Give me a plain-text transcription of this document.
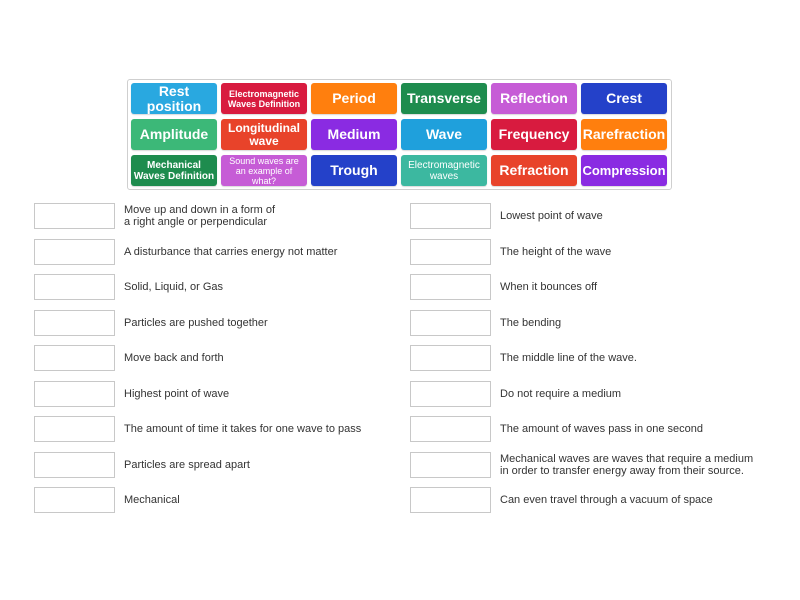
Rest position
Electromagnetic Waves Definition	Period	Transverse	Reflection	Crest
Amplitude	Longitudinal wave	Medium	Wave	Frequency Rarefraction
Mechanical Waves Definition
Sound waves are an example of what?
Trough	Electromagnetic waves	Refraction	Compression
Move up and down in a form of
a right angle or perpendicular
A disturbance that carries energy not matter
Solid, Liquid, or Gas
Particles are pushed together
Move back and forth
Highest point of wave
The amount of time it takes for one wave to pass
Particles are spread apart
Mechanical
Lowest point of wave
The height of the wave
When it bounces off
The bending
The middle line of the wave.
Do not require a medium
The amount of waves pass in one second
Mechanical waves are waves that require a medium
in order to transfer energy away from their source.
Can even travel through a vacuum of space
